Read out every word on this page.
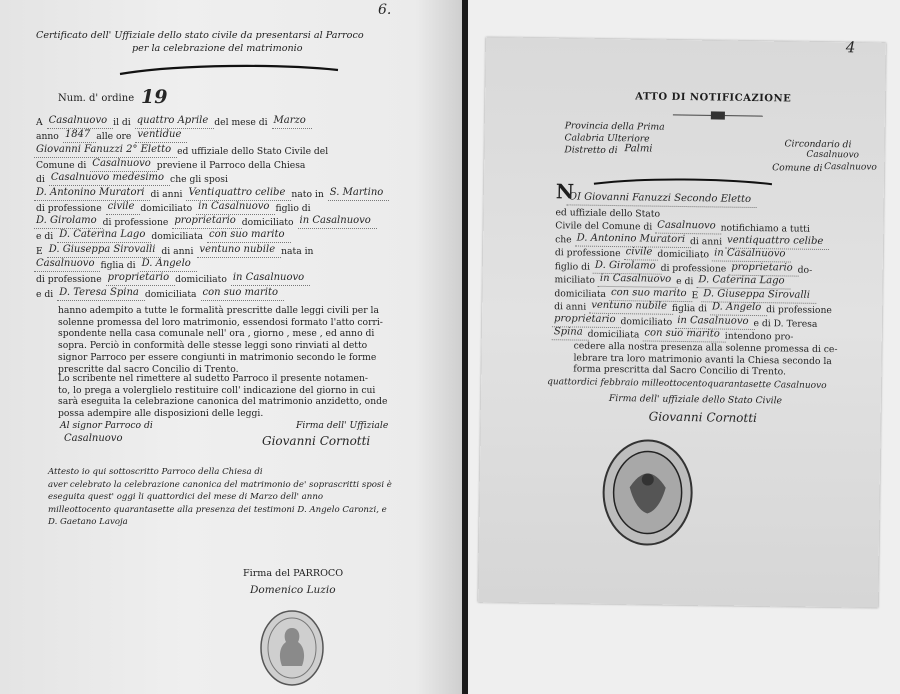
6.
Certificato dell' Uffiziale dello stato civile da presentarsi al Parroco
per la celebrazione del matrimonio
Num. d' ordine 19
A Casalnuovo il di quattro Aprile del mese di Marzo
anno 1847 alle ore ventidue
Giovanni Fanuzzi 2° Eletto ed uffiziale dello Stato Civile del
Comune di Casalnuovo previene il Parroco della Chiesa
di Casalnuovo medesimo che gli sposi
D. Antonino Muratori di anni Ventiquattro celibe nato in S. Martino
di professione civile domiciliato in Casalnuovo figlio di
D. Girolamo di professione proprietario domiciliato in Casalnuovo
e di D. Caterina Lago domiciliata con suo marito
E D. Giuseppa Sirovalli di anni ventuno nubile nata in
Casalnuovo figlia di D. Angelo
di professione proprietario domiciliato in Casalnuovo
e di D. Teresa Spina domiciliata con suo marito
hanno adempito a tutte le formalità prescritte dalle leggi civili per la
solenne promessa del loro matrimonio, essendosi formato l'atto corri-
spondente nella casa comunale nell' ora , giorno , mese , ed anno di
sopra. Perciò in conformità delle stesse leggi sono rinviati al detto
signor Parroco per essere congiunti in matrimonio secondo le forme
prescritte dal sacro Concilio di Trento.
Lo scribente nel rimettere al sudetto Parroco il presente notamen-
to, lo prega a volerglielo restituire coll' indicazione del giorno in cui
sarà eseguita la celebrazione canonica del matrimonio anzidetto, onde
possa adempire alle disposizioni delle leggi.
Al signor Parroco di
Casalnuovo
Firma dell' Uffiziale
Giovanni Cornotti
Attesto io qui sottoscritto Parroco della Chiesa di
aver celebrato la celebrazione canonica del matrimonio de' soprascritti sposi è
eseguita quest' oggi li quattordici del mese di Marzo dell' anno
milleottocento quarantasette alla presenza dei testimoni D. Angelo Caronzi, e
D. Gaetano Lavoja
Firma del PARROCO
Domenico Luzio
4
ATTO DI NOTIFICAZIONE
Provincia della Prima
Calabria Ulteriore
Distretto di Palmi	Circondario di
Casalnuovo
Comune di Casalnuovo
N
OI Giovanni Fanuzzi Secondo Eletto
ed uffiziale dello Stato
Civile del Comune di Casalnuovo notifichiamo a tutti
che D. Antonino Muratori di anni ventiquattro celibe
di professione civile domiciliato in Casalnuovo
figlio di D. Girolamo di professione proprietario do-
miciliato in Casalnuovo e di D. Caterina Lago
domiciliata con suo marito E D. Giuseppa Sirovalli
di anni ventuno nubile figlia di D. Angelo di professione
proprietario domiciliato in Casalnuovo e di D. Teresa
Spina domiciliata con suo marito intendono pro-
cedere alla nostra presenza alla solenne promessa di ce-
lebrare tra loro matrimonio avanti la Chiesa secondo la
forma prescritta dal Sacro Concilio di Trento.
quattordici febbraio milleottocentoquarantasette Casalnuovo
Firma dell' uffiziale dello Stato Civile
Giovanni Cornotti
